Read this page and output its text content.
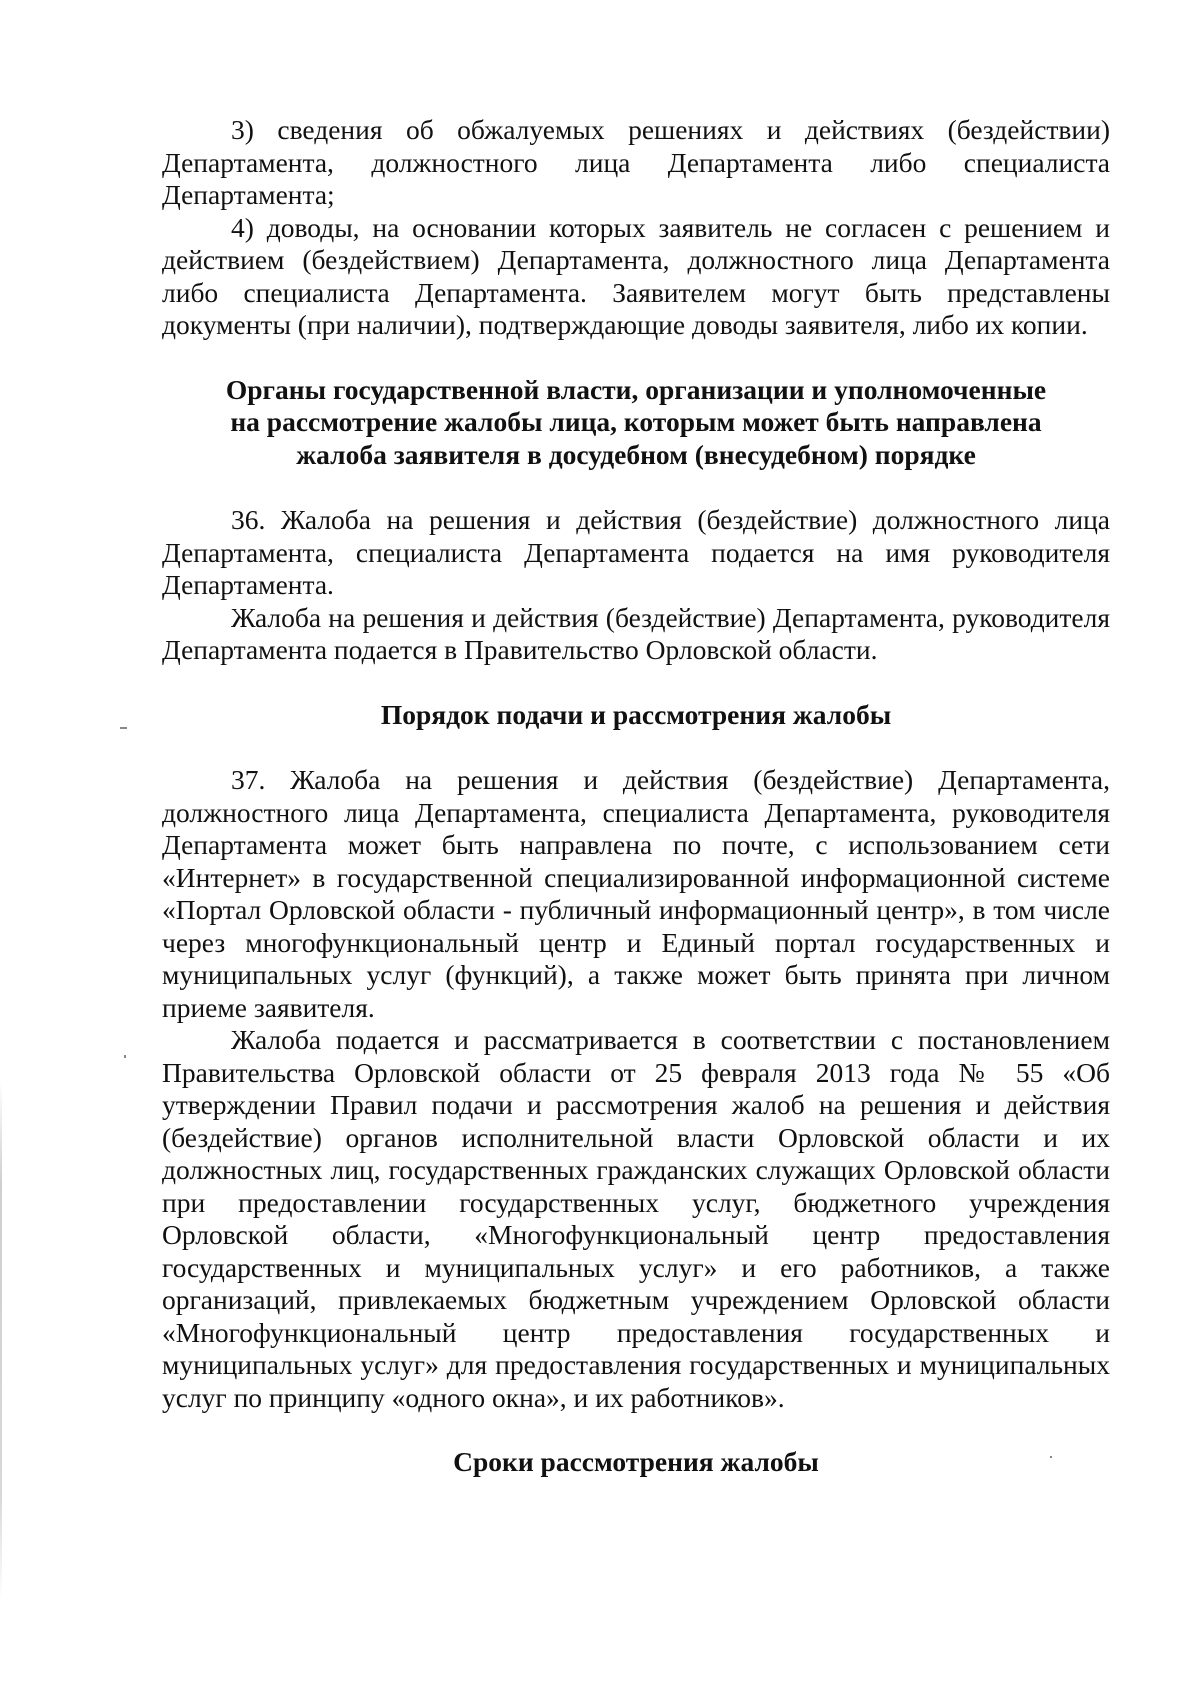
3) сведения об обжалуемых решениях и действиях (бездействии) Департамента, должностного лица Департамента либо специалиста Департамента;

4) доводы, на основании которых заявитель не согласен с решением и действием (бездействием) Департамента, должностного лица Департамента либо специалиста Департамента. Заявителем могут быть представлены документы (при наличии), подтверждающие доводы заявителя, либо их копии.

Органы государственной власти, организации и уполномоченные

на рассмотрение жалобы лица, которым может быть направлена

жалоба заявителя в досудебном (внесудебном) порядке

36. Жалоба на решения и действия (бездействие) должностного лица Департамента, специалиста Департамента подается на имя руководителя Департамента.

Жалоба на решения и действия (бездействие) Департамента, руководителя Департамента подается в Правительство Орловской области.

Порядок подачи и рассмотрения жалобы

37. Жалоба на решения и действия (бездействие) Департамента, должностного лица Департамента, специалиста Департамента, руководителя Департамента может быть направлена по почте, с использованием сети «Интернет» в государственной специализированной информационной системе «Портал Орловской области - публичный информационный центр», в том числе через многофункциональный центр и Единый портал государственных и муниципальных услуг (функций), а также может быть принята при личном приеме заявителя.

Жалоба подается и рассматривается в соответствии с постановлением Правительства Орловской области от 25 февраля 2013 года № 55 «Об утверждении Правил подачи и рассмотрения жалоб на решения и действия (бездействие) органов исполнительной власти Орловской области и их должностных лиц, государственных гражданских служащих Орловской области при предоставлении государственных услуг, бюджетного учреждения Орловской области, «Многофункциональный центр предоставления государственных и муниципальных услуг» и его работников, а также организаций, привлекаемых бюджетным учреждением Орловской области «Многофункциональный центр предоставления государственных и муниципальных услуг» для предоставления государственных и муниципальных услуг по принципу «одного окна», и их работников».

Сроки рассмотрения жалобы
